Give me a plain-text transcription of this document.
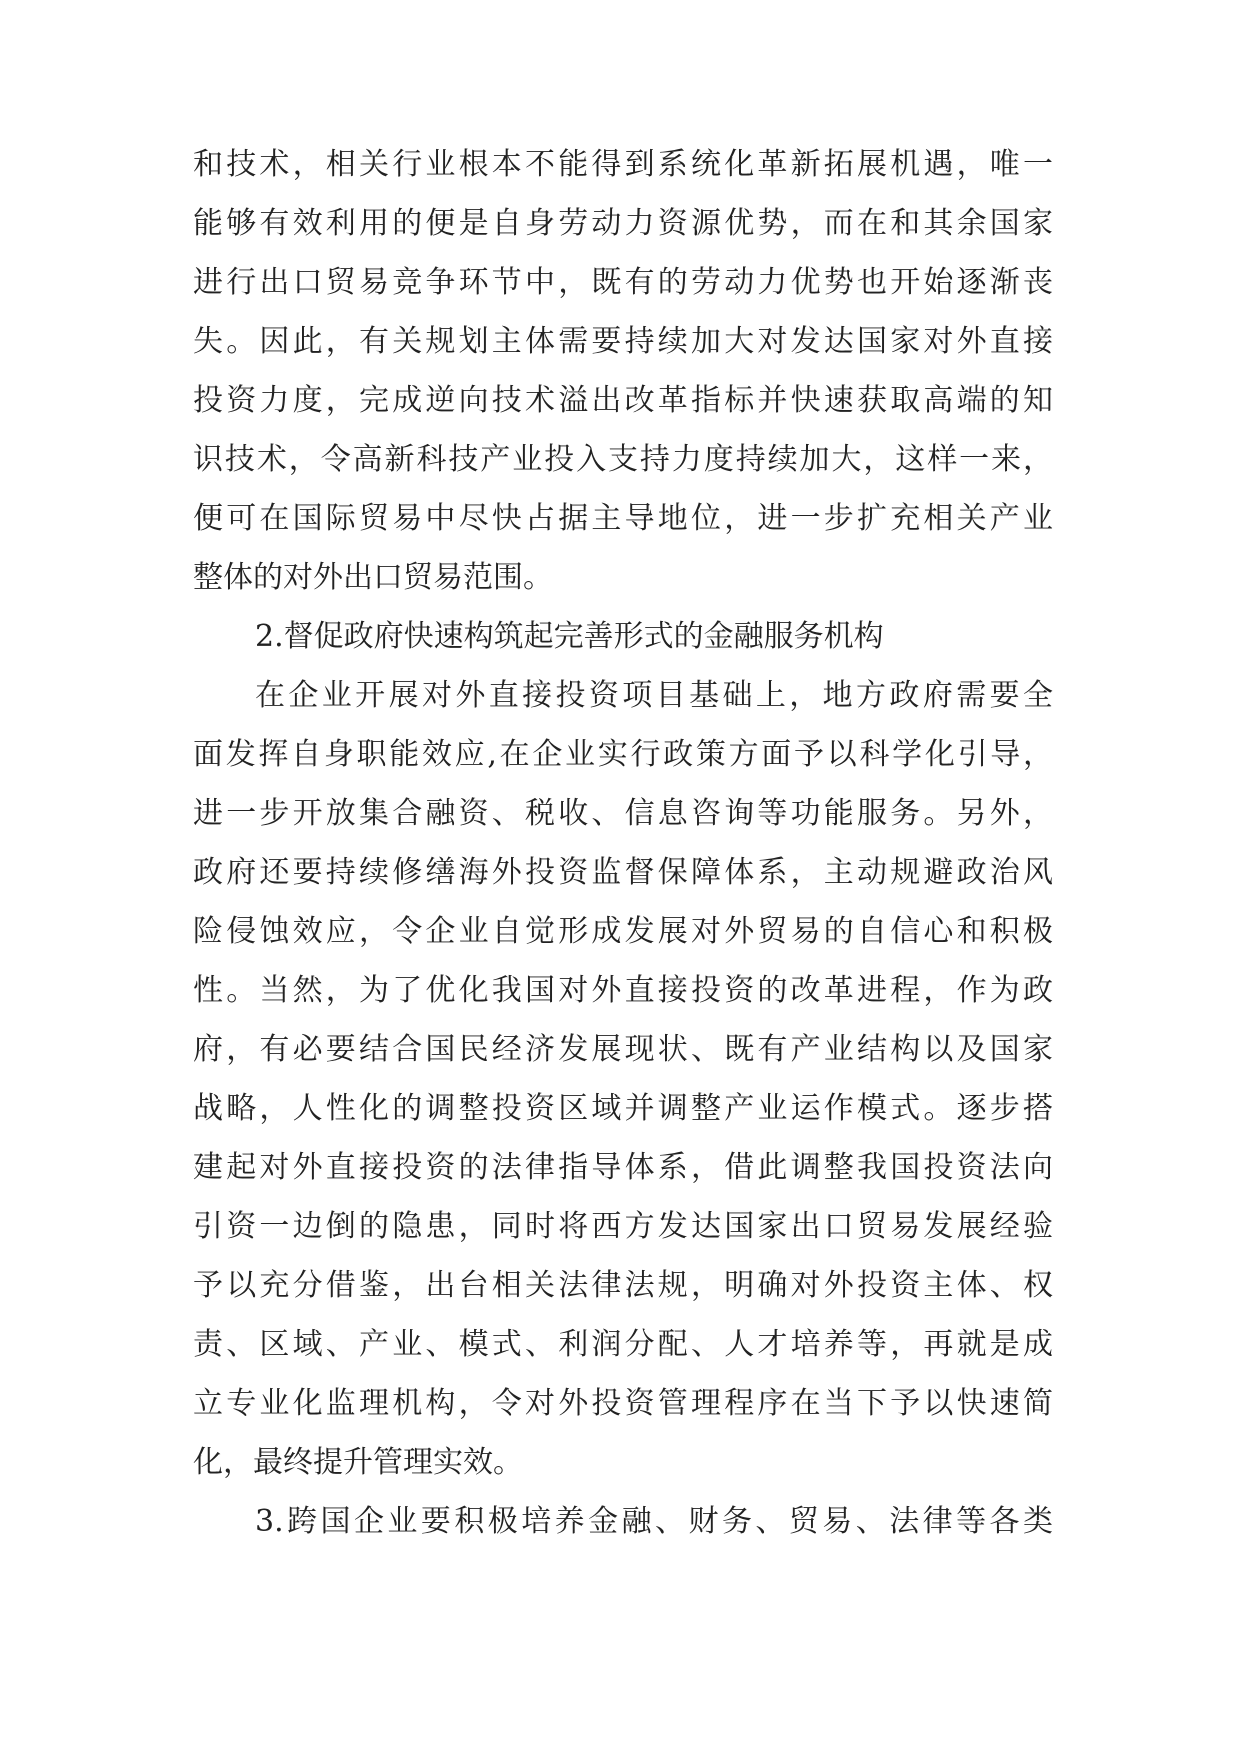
和技术，相关行业根本不能得到系统化革新拓展机遇，唯一
能够有效利用的便是自身劳动力资源优势，而在和其余国家
进行出口贸易竞争环节中，既有的劳动力优势也开始逐渐丧
失。因此，有关规划主体需要持续加大对发达国家对外直接
投资力度，完成逆向技术溢出改革指标并快速获取高端的知
识技术，令高新科技产业投入支持力度持续加大，这样一来，
便可在国际贸易中尽快占据主导地位，进一步扩充相关产业
整体的对外出口贸易范围。
2.督促政府快速构筑起完善形式的金融服务机构
在企业开展对外直接投资项目基础上，地方政府需要全
面发挥自身职能效应,在企业实行政策方面予以科学化引导，
进一步开放集合融资、税收、信息咨询等功能服务。另外，
政府还要持续修缮海外投资监督保障体系，主动规避政治风
险侵蚀效应，令企业自觉形成发展对外贸易的自信心和积极
性。当然，为了优化我国对外直接投资的改革进程，作为政
府，有必要结合国民经济发展现状、既有产业结构以及国家
战略，人性化的调整投资区域并调整产业运作模式。逐步搭
建起对外直接投资的法律指导体系，借此调整我国投资法向
引资一边倒的隐患，同时将西方发达国家出口贸易发展经验
予以充分借鉴，出台相关法律法规，明确对外投资主体、权
责、区域、产业、模式、利润分配、人才培养等，再就是成
立专业化监理机构，令对外投资管理程序在当下予以快速简
化，最终提升管理实效。
3.跨国企业要积极培养金融、财务、贸易、法律等各类
